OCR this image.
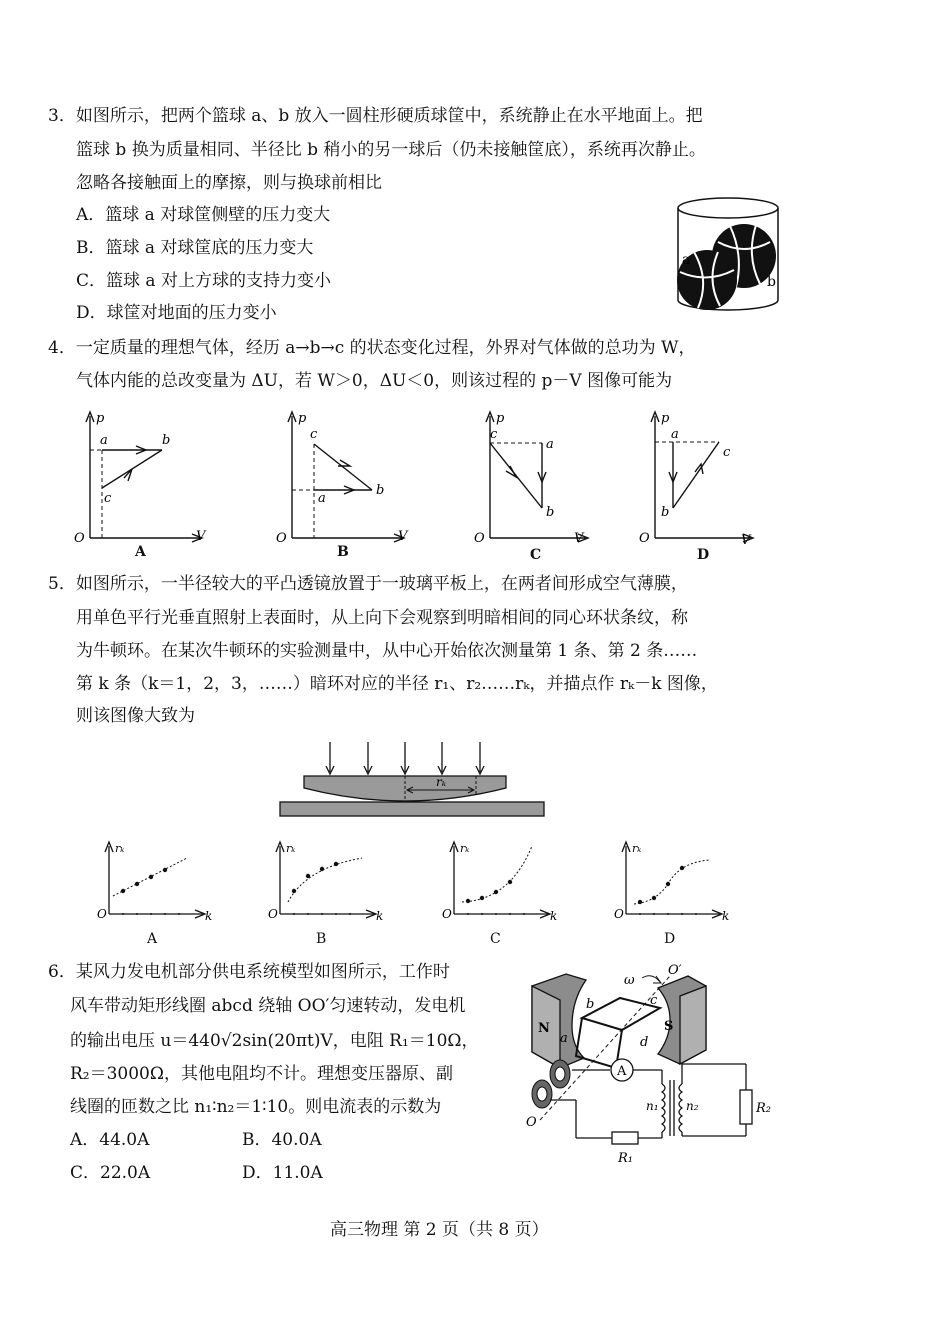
3．如图所示，把两个篮球 a、b 放入一圆柱形硬质球筐中，系统静止在水平地面上。把
篮球 b 换为质量相同、半径比 b 稍小的另一球后（仍未接触筐底），系统再次静止。
忽略各接触面上的摩擦，则与换球前相比
A．篮球 a 对球筐侧壁的压力变大
B．篮球 a 对球筐底的压力变大
C．篮球 a 对上方球的支持力变小
D．球筐对地面的压力变小
a
b
4．一定质量的理想气体，经历 a→b→c 的状态变化过程，外界对气体做的总功为 W，
气体内能的总改变量为 ΔU，若 W＞0，ΔU＜0，则该过程的 p－V 图像可能为
p
V
O
a	b
c
A
p
V
O
a
b
c
B
p
V
O
a
b
c
C
p
V
O
a
b
c
D
5．如图所示，一半径较大的平凸透镜放置于一玻璃平板上，在两者间形成空气薄膜，
用单色平行光垂直照射上表面时，从上向下会观察到明暗相间的同心环状条纹，称
为牛顿环。在某次牛顿环的实验测量中，从中心开始依次测量第 1 条、第 2 条……
第 k 条（k＝1，2，3，……）暗环对应的半径 r₁、r₂……rₖ，并描点作 rₖ－k 图像，
则该图像大致为
rₖ
rₖ
k
O
A
rₖ
k
O
B
rₖ
k
O
C
rₖ
k
O
D
6．某风力发电机部分供电系统模型如图所示，工作时
风车带动矩形线圈 abcd 绕轴 OO′匀速转动，发电机
的输出电压 u＝440√2sin(20πt)V，电阻 R₁＝10Ω，
R₂＝3000Ω，其他电阻均不计。理想变压器原、副
线圈的匝数之比 n₁∶n₂＝1∶10。则电流表的示数为
A．44.0A	B．40.0A
C．22.0A	D．11.0A
N	S
ω
O′
O
b	c
a	d
A
n₁ n₂
R₁
R₂
高三物理 第 2 页（共 8 页）
